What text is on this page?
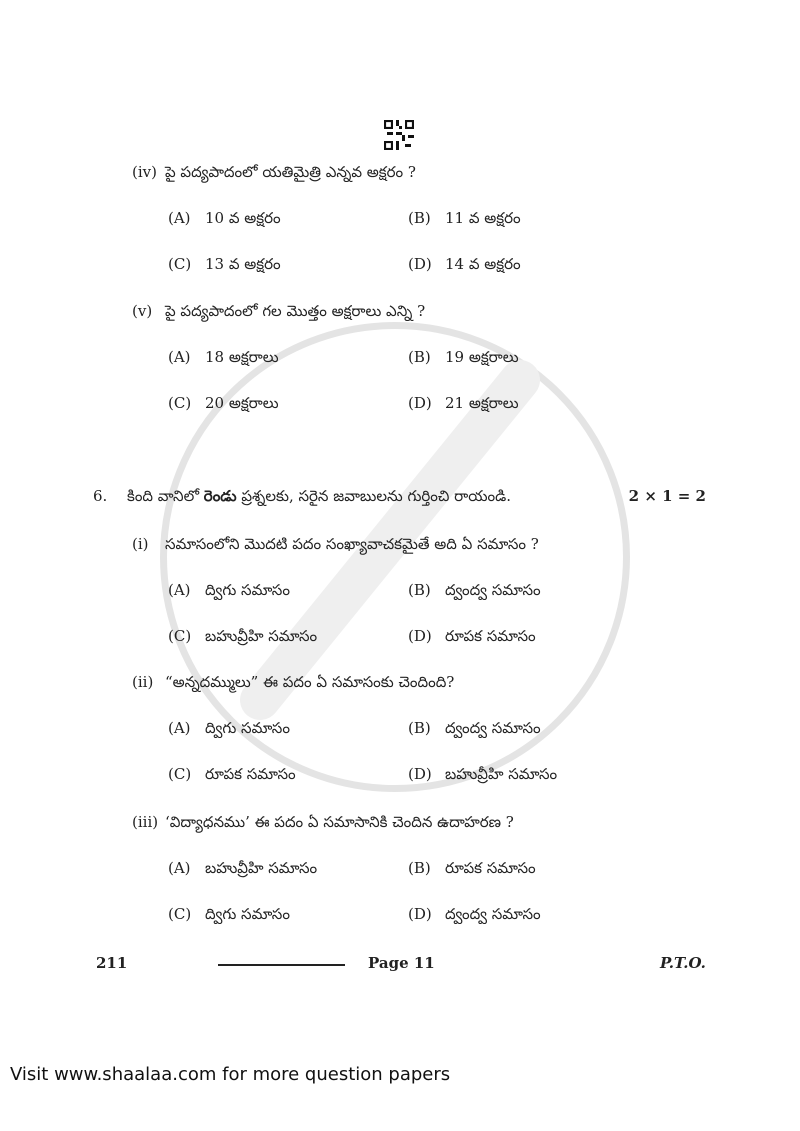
(iv) పై పద్యపాదంలో యతిమైత్రి ఎన్నవ అక్షరం ?
(A) 10 వ అక్షరం	(B) 11 వ అక్షరం
(C) 13 వ అక్షరం	(D) 14 వ అక్షరం
(v) పై పద్యపాదంలో గల మొత్తం అక్షరాలు ఎన్ని ?
(A) 18 అక్షరాలు	(B) 19 అక్షరాలు
(C) 20 అక్షరాలు	(D) 21 అక్షరాలు
6. కింది వానిలో రెండు ప్రశ్నలకు, సరైన జవాబులను గుర్తించి రాయండి.	2 × 1 = 2
(i) సమాసంలోని మొదటి పదం సంఖ్యావాచకమైతే అది ఏ సమాసం ?
(A) ద్విగు సమాసం	(B) ద్వంద్వ సమాసం
(C) బహువ్రీహి సమాసం	(D) రూపక సమాసం
(ii) “అన్నదమ్ములు” ఈ పదం ఏ సమాసంకు చెందింది?
(A) ద్విగు సమాసం	(B) ద్వంద్వ సమాసం
(C) రూపక సమాసం	(D) బహువ్రీహి సమాసం
(iii) ‘విద్యాధనము’ ఈ పదం ఏ సమాసానికి చెందిన ఉదాహరణ ?
(A) బహువ్రీహి సమాసం	(B) రూపక సమాసం
(C) ద్విగు సమాసం	(D) ద్వంద్వ సమాసం
211	Page 11	P.T.O.
Visit www.shaalaa.com for more question papers
